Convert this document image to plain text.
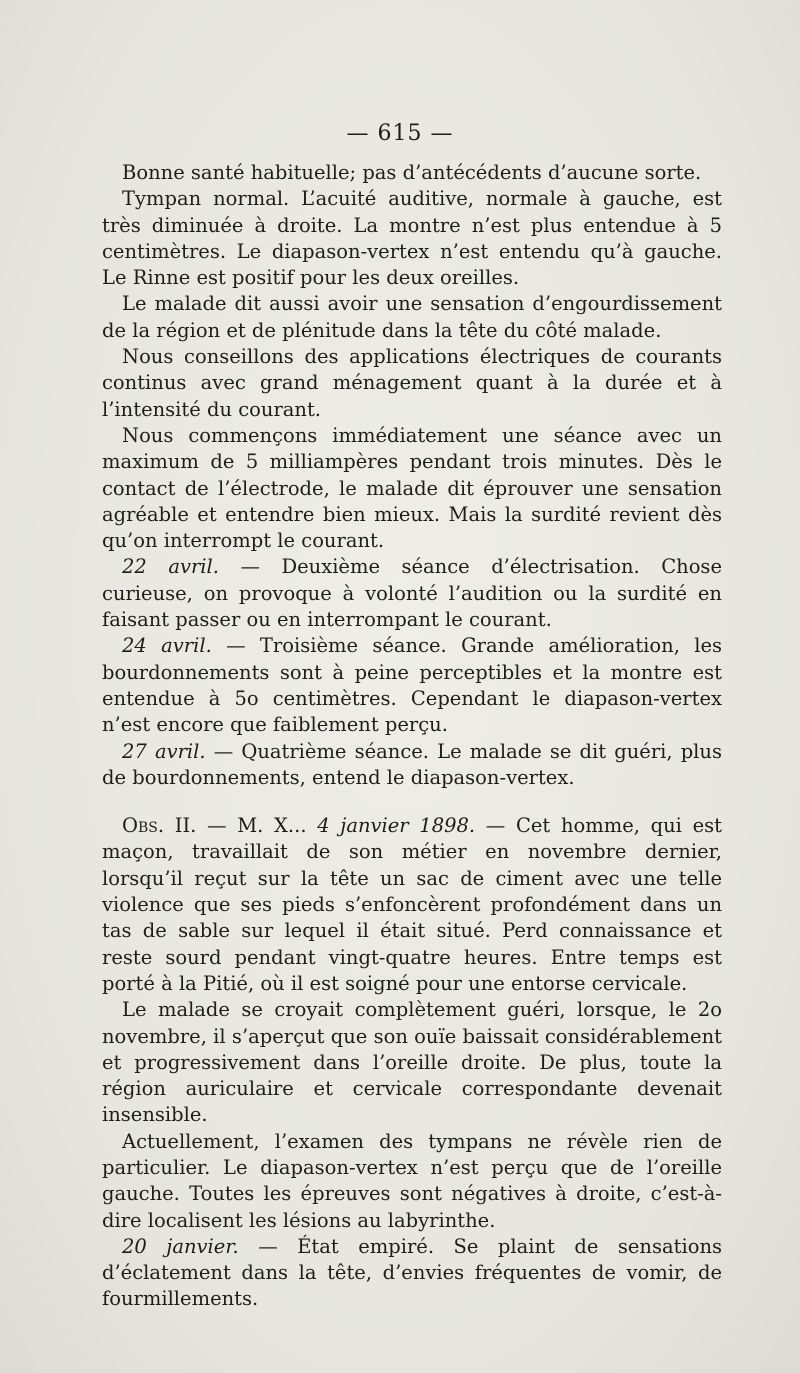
— 615 —

Bonne santé habituelle; pas d’antécédents d’aucune sorte.

Tympan normal. L’acuité auditive, normale à gauche, est très diminuée à droite. La montre n’est plus entendue à 5 centimètres. Le diapason-vertex n’est entendu qu’à gauche. Le Rinne est positif pour les deux oreilles.

Le malade dit aussi avoir une sensation d’engourdissement de la région et de plénitude dans la tête du côté malade.

Nous conseillons des applications électriques de courants continus avec grand ménagement quant à la durée et à l’intensité du courant.

Nous commençons immédiatement une séance avec un maximum de 5 milliampères pendant trois minutes. Dès le contact de l’électrode, le malade dit éprouver une sensation agréable et entendre bien mieux. Mais la surdité revient dès qu’on interrompt le courant.

22 avril. — Deuxième séance d’électrisation. Chose curieuse, on provoque à volonté l’audition ou la surdité en faisant passer ou en interrompant le courant.

24 avril. — Troisième séance. Grande amélioration, les bourdonnements sont à peine perceptibles et la montre est entendue à 5o centimètres. Cependant le diapason-vertex n’est encore que faiblement perçu.

27 avril. — Quatrième séance. Le malade se dit guéri, plus de bourdonnements, entend le diapason-vertex.

Obs. II. — M. X... 4 janvier 1898. — Cet homme, qui est maçon, travaillait de son métier en novembre dernier, lorsqu’il reçut sur la tête un sac de ciment avec une telle violence que ses pieds s’enfoncèrent profondément dans un tas de sable sur lequel il était situé. Perd connaissance et reste sourd pendant vingt-quatre heures. Entre temps est porté à la Pitié, où il est soigné pour une entorse cervicale.

Le malade se croyait complètement guéri, lorsque, le 2o novembre, il s’aperçut que son ouïe baissait considérablement et progressivement dans l’oreille droite. De plus, toute la région auriculaire et cervicale correspondante devenait insensible.

Actuellement, l’examen des tympans ne révèle rien de particulier. Le diapason-vertex n’est perçu que de l’oreille gauche. Toutes les épreuves sont négatives à droite, c’est-à-dire localisent les lésions au labyrinthe.

20 janvier. — État empiré. Se plaint de sensations d’éclatement dans la tête, d’envies fréquentes de vomir, de fourmillements.
